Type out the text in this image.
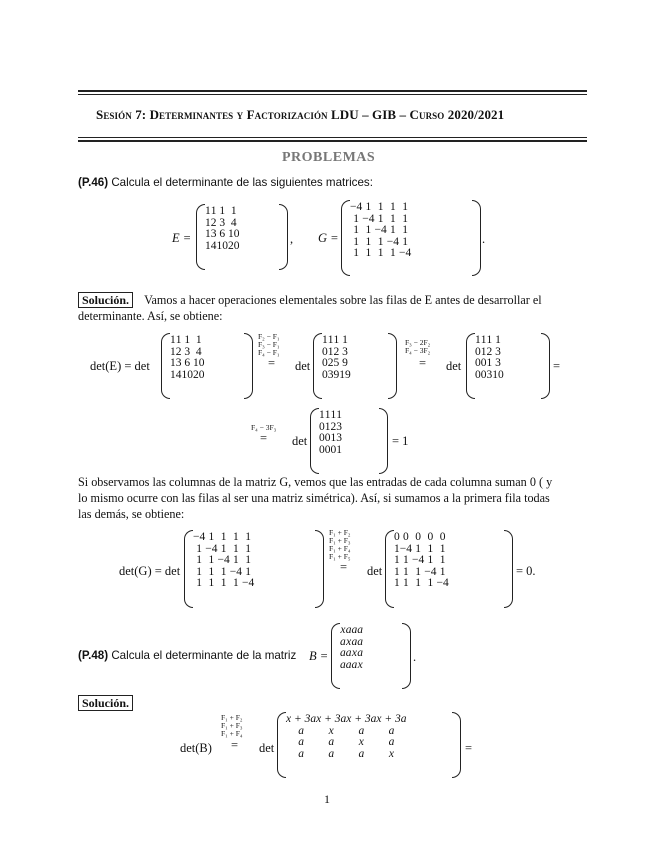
Sesión 7: Determinantes y Factorización LDU – GIB – Curso 2020/2021
PROBLEMAS
(P.46) Calcula el determinante de las siguientes matrices:
E =
1	1	1	1
1	2	3	4
1	3	6	10
1	4	10	20	, G =
−4	1	1	1	1
1	−4	1	1	1
1	1	−4	1	1
1	1	1	−4	1
1	1	1	1	−4
.
Solución. Vamos a hacer operaciones elementales sobre las filas de E antes de desarrollar el
determinante. Así, se obtiene:
det(E) = det
1	1	1	1
1	2	3	4
1	3	6	10
1	4	10	20
F₂ − F₁
F₃ − F₁
F₄ − F₁
= det
1	1	1	1
0	1	2	3
0	2	5	9
0	3	9	19
F₃ − 2F₂
F₄ − 3F₂
= det
1	1	1	1
0	1	2	3
0	0	1	3
0	0	3	10
=
F₄ − 3F₃
= det
1	1	1	1
0	1	2	3
0	0	1	3
0	0	0	1
= 1
Si observamos las columnas de la matriz G, vemos que las entradas de cada columna suman 0 ( y
lo mismo ocurre con las filas al ser una matriz simétrica). Así, si sumamos a la primera fila todas
las demás, se obtiene:
det(G) = det
−4	1	1	1	1
1	−4	1	1	1
1	1	−4	1	1
1	1	1	−4	1
1	1	1	1	−4
F₁ + F₂
F₁ + F₃
F₁ + F₄
F₁ + F₅
= det
0	0	0	0	0
1	−4	1	1	1
1	1	−4	1	1
1	1	1	−4	1
1	1	1	1	−4
= 0.
(P.48) Calcula el determinante de la matriz B =
x	a	a	a
a	x	a	a
a	a	x	a
a	a	a	x
.
Solución.
det(B)
F₁ + F₂
F₁ + F₃
F₁ + F₄
= det
x + 3a	x + 3a	x + 3a	x + 3a
a	x	a	a
a	a	x	a
a	a	a	x	=
1
